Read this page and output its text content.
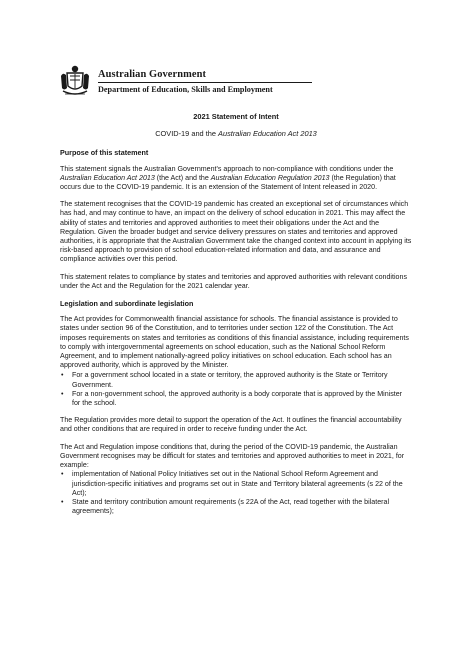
Australian Government
Department of Education, Skills and Employment
2021 Statement of Intent
COVID-19 and the Australian Education Act 2013
Purpose of this statement

This statement signals the Australian Government's approach to non-compliance with conditions under the Australian Education Act 2013 (the Act) and the Australian Education Regulation 2013 (the Regulation) that occurs due to the COVID-19 pandemic. It is an extension of the Statement of Intent released in 2020.

The statement recognises that the COVID-19 pandemic has created an exceptional set of circumstances which has had, and may continue to have, an impact on the delivery of school education in 2021. This may affect the ability of states and territories and approved authorities to meet their obligations under the Act and the Regulation. Given the broader budget and service delivery pressures on states and territories and approved authorities, it is appropriate that the Australian Government take the changed context into account in applying its risk-based approach to provision of school education-related information and data, and assurance and compliance activities over this period.

This statement relates to compliance by states and territories and approved authorities with relevant conditions under the Act and the Regulation for the 2021 calendar year.

Legislation and subordinate legislation

The Act provides for Commonwealth financial assistance for schools. The financial assistance is provided to states under section 96 of the Constitution, and to territories under section 122 of the Constitution. The Act imposes requirements on states and territories as conditions of this financial assistance, including requirements to comply with intergovernmental agreements on school education, such as the National School Reform Agreement, and to implement nationally-agreed policy initiatives on school education. Each school has an approved authority, which is approved by the Minister.

• For a government school located in a state or territory, the approved authority is the State or Territory Government.
• For a non-government school, the approved authority is a body corporate that is approved by the Minister for the school.

The Regulation provides more detail to support the operation of the Act. It outlines the financial accountability and other conditions that are required in order to receive funding under the Act.

The Act and Regulation impose conditions that, during the period of the COVID-19 pandemic, the Australian Government recognises may be difficult for states and territories and approved authorities to meet in 2021, for example:

• implementation of National Policy Initiatives set out in the National School Reform Agreement and jurisdiction-specific initiatives and programs set out in State and Territory bilateral agreements (s 22 of the Act);
• State and territory contribution amount requirements (s 22A of the Act, read together with the bilateral agreements);
